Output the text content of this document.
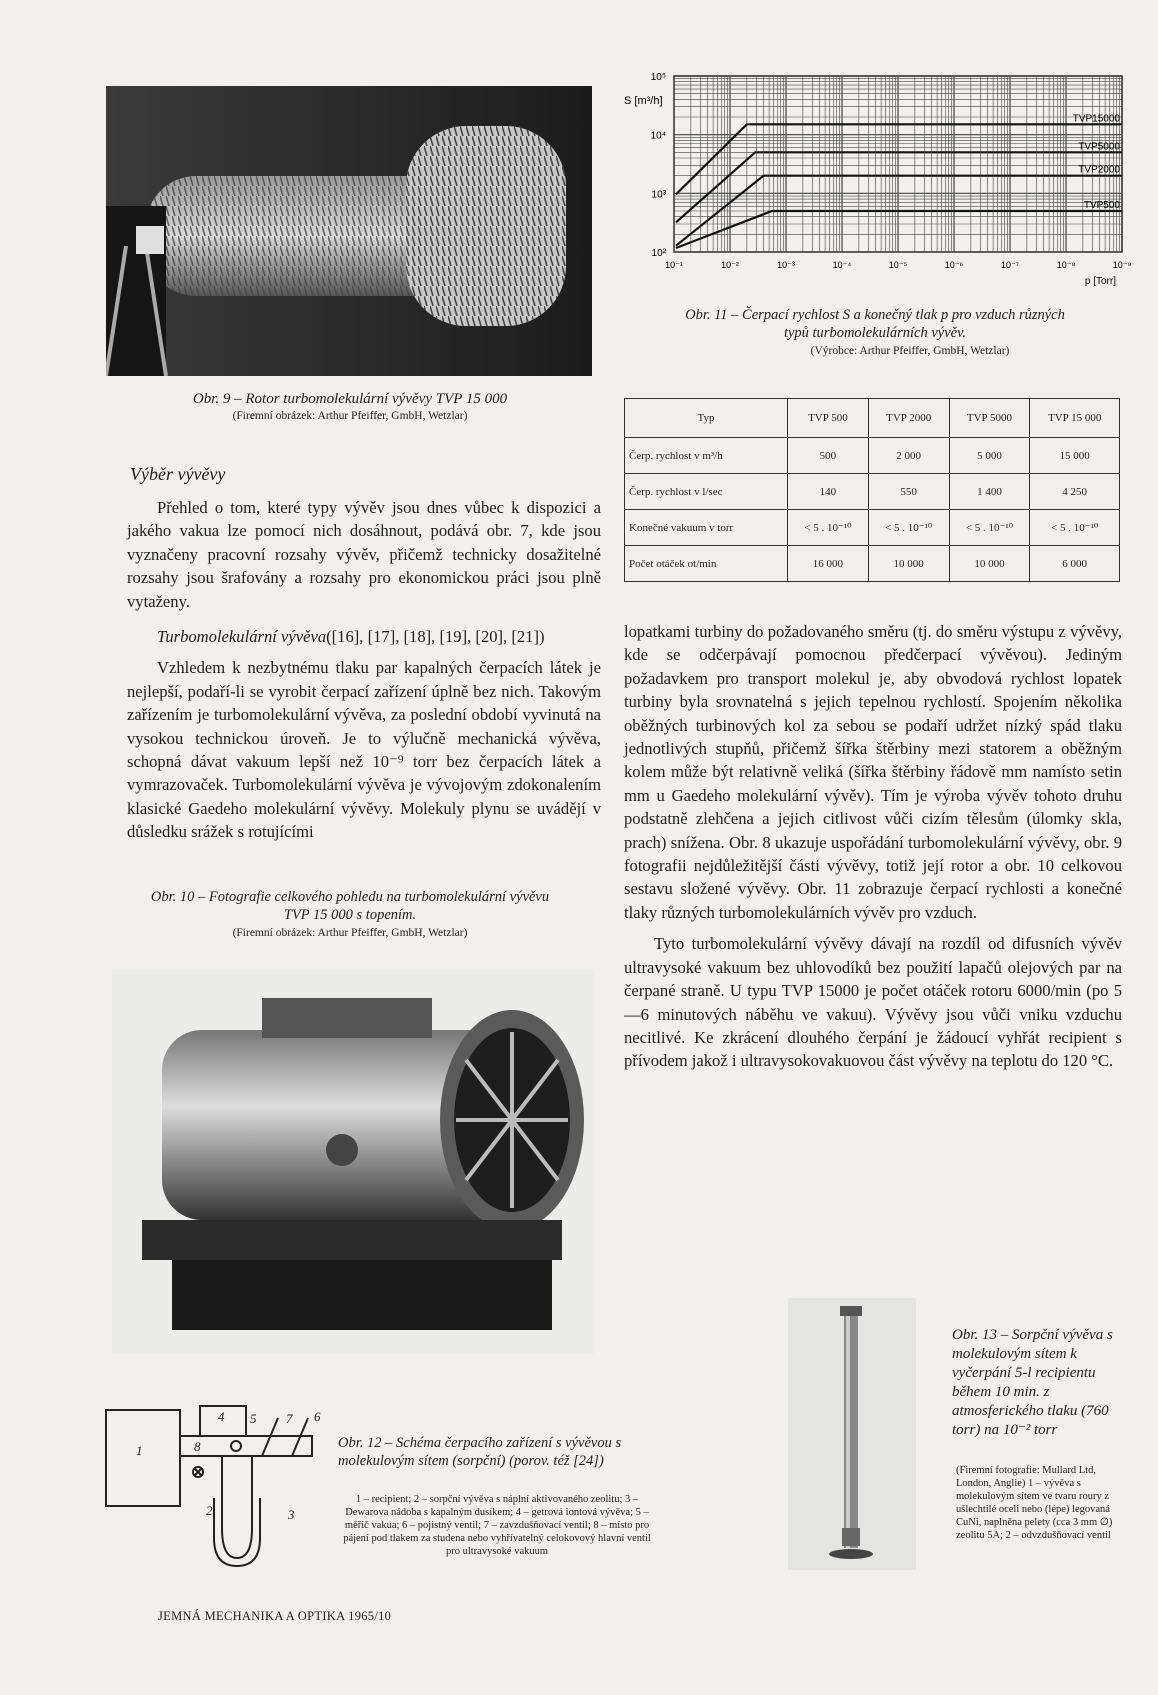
10⁵
10⁴
10³
10²
10⁻¹	10⁻²	10⁻³	10⁻⁴	10⁻⁵	10⁻⁶	10⁻⁷	10⁻⁸	10⁻⁹
S [m³/h]
p [Torr]
TVP15000
TVP5000
TVP2000
TVP500
Obr. 11 – Čerpací rychlost S a konečný tlak p pro vzduch různých
typů turbomolekulárních vývěv.
(Výrobce: Arthur Pfeiffer, GmbH, Wetzlar)
Obr. 9 – Rotor turbomolekulární vývěvy TVP 15 000
(Firemní obrázek: Arthur Pfeiffer, GmbH, Wetzlar)	Typ	TVP 500	TVP 2000	TVP 5000	TVP 15 000
Čerp. rychlost v m³/h	500	2 000	5 000	15 000
Čerp. rychlost v l/sec	140	550	1 400	4 250
Konečné vakuum v torr	< 5 . 10⁻¹⁰	< 5 . 10⁻¹⁰	< 5 . 10⁻¹⁰	< 5 . 10⁻¹⁰
Počet otáček ot/min	16 000	10 000	10 000	6 000
Výběr vývěvy

Přehled o tom, které typy vývěv jsou dnes vůbec k dispozici a jakého vakua lze pomocí nich dosáhnout, podává obr. 7, kde jsou vyznačeny pracovní rozsahy vývěv, přičemž technicky dosažitelné rozsahy jsou šrafovány a rozsahy pro ekonomickou práci jsou plně vytaženy.

Turbomolekulární vývěva([16], [17], [18], [19], [20], [21])

Vzhledem k nezbytnému tlaku par kapalných čerpacích látek je nejlepší, podaří-li se vyrobit čerpací zařízení úplně bez nich. Takovým zařízením je turbomolekulární vývěva, za poslední období vyvinutá na vysokou technickou úroveň. Je to výlučně mechanická vývěva, schopná dávat vakuum lepší než 10⁻⁹ torr bez čerpacích látek a vymrazovaček. Turbomolekulární vývěva je vývojovým zdokonalením klasické Gaedeho molekulární vývěvy. Molekuly plynu se uvádějí v důsledku srážek s rotujícími

Obr. 10 – Fotografie celkového pohledu na turbomolekulární vývěvu
TVP 15 000 s topením.
(Firemní obrázek: Arthur Pfeiffer, GmbH, Wetzlar)

lopatkami turbiny do požadovaného směru (tj. do směru výstupu z vývěvy, kde se odčerpávají pomocnou předčerpací vývěvou). Jediným požadavkem pro transport molekul je, aby obvodová rychlost lopatek turbiny byla srovnatelná s jejich tepelnou rychlostí. Spojením několika oběžných turbinových kol za sebou se podaří udržet nízký spád tlaku jednotlivých stupňů, přičemž šířka štěrbiny mezi statorem a oběžným kolem může být relativně veliká (šířka štěrbiny řádově mm namísto setin mm u Gaedeho molekulární vývěv). Tím je výroba vývěv tohoto druhu podstatně zlehčena a jejich citlivost vůči cizím tělesům (úlomky skla, prach) snížena. Obr. 8 ukazuje uspořádání turbomolekulární vývěvy, obr. 9 fotografii nejdůležitější části vývěvy, totiž její rotor a obr. 10 celkovou sestavu složené vývěvy. Obr. 11 zobrazuje čerpací rychlosti a konečné tlaky různých turbomolekulárních vývěv pro vzduch.

Tyto turbomolekulární vývěvy dávají na rozdíl od difusních vývěv ultravysoké vakuum bez uhlovodíků bez použití lapačů olejových par na čerpané straně. U typu TVP 15000 je počet otáček rotoru 6000/min (po 5—6 minutových náběhu ve vakuu). Vývěvy jsou vůči vniku vzduchu necitlivé. Ke zkrácení dlouhého čerpání je žádoucí vyhřát recipient s přívodem jakož i ultravysokovakuovou část vývěvy na teplotu do 120 °C.

1
2	3
4 5	6
7
8	Obr. 12 – Schéma čerpacího zařízení s vývěvou s molekulovým sítem (sorpční) (porov. též [24])
1 – recipient; 2 – sorpční vývěva s náplní aktivovaného zeolitu; 3 – Dewarova nádoba s kapalným dusíkem; 4 – getrová iontová vývěva; 5 – měřič vakua; 6 – pojistný ventil; 7 – zavzdušňovací ventil; 8 – místo pro pájení pod tlakem za studena nebo vyhřívatelný celokovový hlavní ventil pro ultravysoké vakuum
Obr. 13 – Sorpční vývěva s molekulovým sítem k vyčerpání 5-l recipientu během 10 min. z atmosferického tlaku (760 torr) na 10⁻² torr
(Firemní fotografie: Mullard Ltd, London, Anglie) 1 – vývěva s molekulovým sítem ve tvaru roury z ušlechtilé oceli nebo (lépe) legovaná CuNi, naplněna pelety (cca 3 mm ∅) zeolitu 5A; 2 – odvzdušňovací ventil
JEMNÁ MECHANIKA A OPTIKA 1965/10
